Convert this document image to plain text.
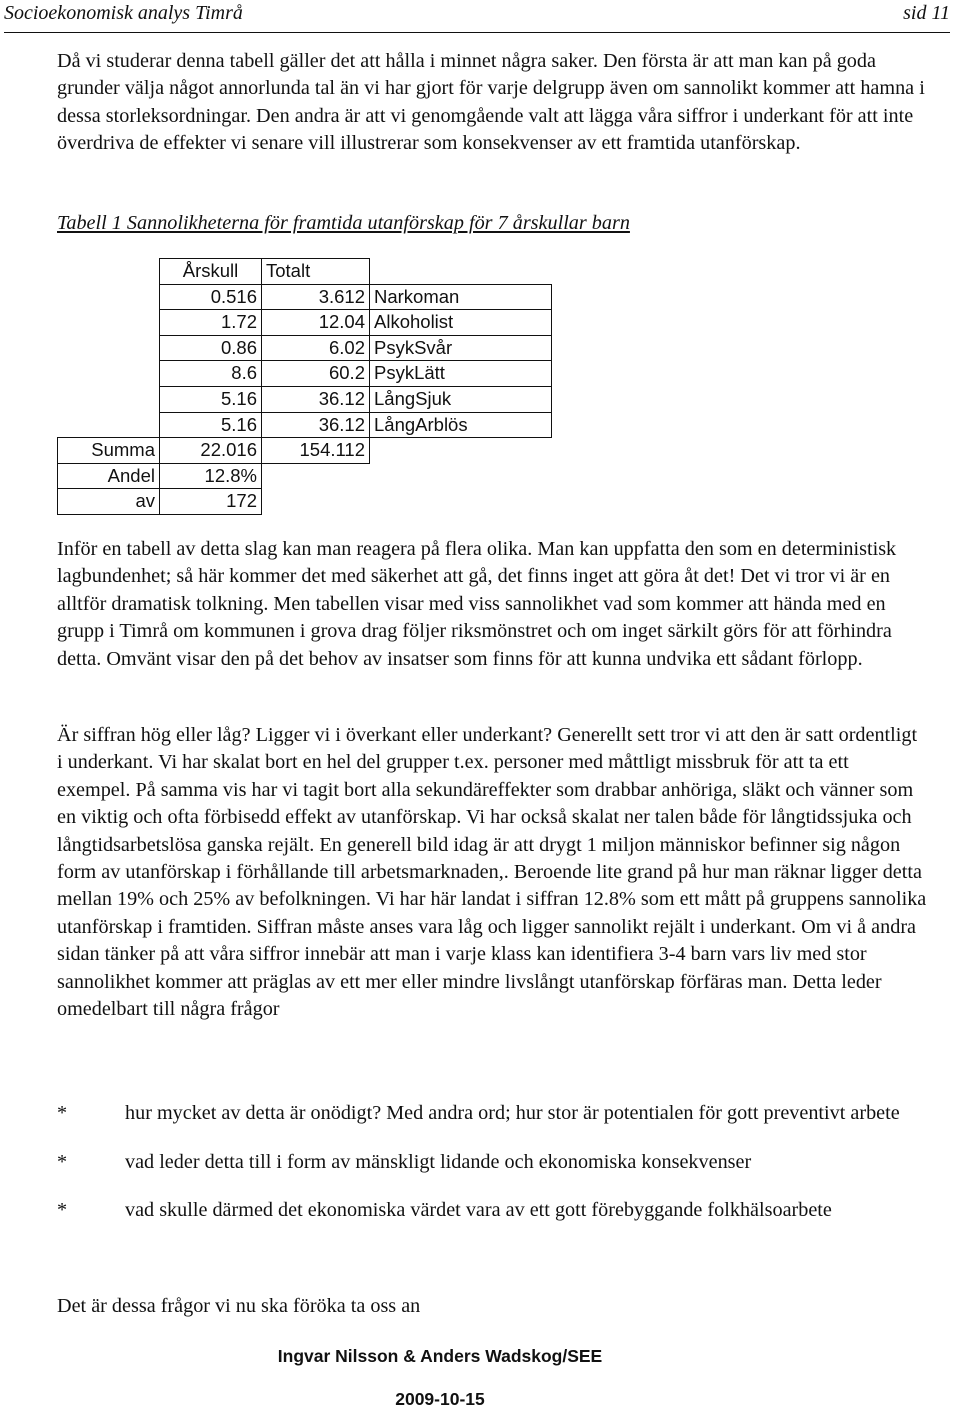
Socioekonomisk analys Timrå	sid 11

Då vi studerar denna tabell gäller det att hålla i minnet några saker. Den första är att man kan på goda grunder välja något annorlunda tal än vi har gjort för varje delgrupp även om sannolikt kommer att hamna i dessa storleksordningar. Den andra är att vi genomgående valt att lägga våra siffror i underkant för att inte överdriva de effekter vi senare vill illustrerar som konsekvenser av ett framtida utanförskap.

Tabell 1 Sannolikheterna för framtida utanförskap för 7 årskullar barn
	Årskull	Totalt	
	0.516	3.612	Narkoman
	1.72	12.04	Alkoholist
	0.86	6.02	PsykSvår
	8.6	60.2	PsykLätt
	5.16	36.12	LångSjuk
	5.16	36.12	LångArblös
Summa	22.016	154.112	
Andel	12.8%		
av	172		

Inför en tabell av detta slag kan man reagera på flera olika. Man kan uppfatta den som en deterministisk lagbundenhet; så här kommer det med säkerhet att gå, det finns inget att göra åt det! Det vi tror vi är en alltför dramatisk tolkning. Men tabellen visar med viss sannolikhet vad som kommer att hända med en grupp i Timrå om kommunen i grova drag följer riksmönstret och om inget särkilt görs för att förhindra detta. Omvänt visar den på det behov av insatser som finns för att kunna undvika ett sådant förlopp.

Är siffran hög eller låg? Ligger vi i överkant eller underkant? Generellt sett tror vi att den är satt ordentligt i underkant. Vi har skalat bort en hel del grupper t.ex. personer med måttligt missbruk för att ta ett exempel. På samma vis har vi tagit bort alla sekundäreffekter som drabbar anhöriga, släkt och vänner som en viktig och ofta förbisedd effekt av utanförskap. Vi har också skalat ner talen både för långtidssjuka och långtidsarbetslösa ganska rejält. En generell bild idag är att drygt 1 miljon människor befinner sig någon form av utanförskap i förhållande till arbetsmarknaden,. Beroende lite grand på hur man räknar ligger detta mellan 19% och 25% av befolkningen. Vi har här landat i siffran 12.8% som ett mått på gruppens sannolika utanförskap i framtiden. Siffran måste anses vara låg och ligger sannolikt rejält i underkant. Om vi å andra sidan tänker på att våra siffror innebär att man i varje klass kan identifiera 3-4 barn vars liv med stor sannolikhet kommer att präglas av ett mer eller mindre livslångt utanförskap förfäras man. Detta leder omedelbart till några frågor

*	hur mycket av detta är onödigt? Med andra ord; hur stor är potentialen för gott preventivt arbete
*	vad leder detta till i form av mänskligt lidande och ekonomiska konsekvenser
*	vad skulle därmed det ekonomiska värdet vara av ett gott förebyggande folkhälsoarbete

Det är dessa frågor vi nu ska föröka ta oss an

Ingvar Nilsson & Anders Wadskog/SEE
2009-10-15
